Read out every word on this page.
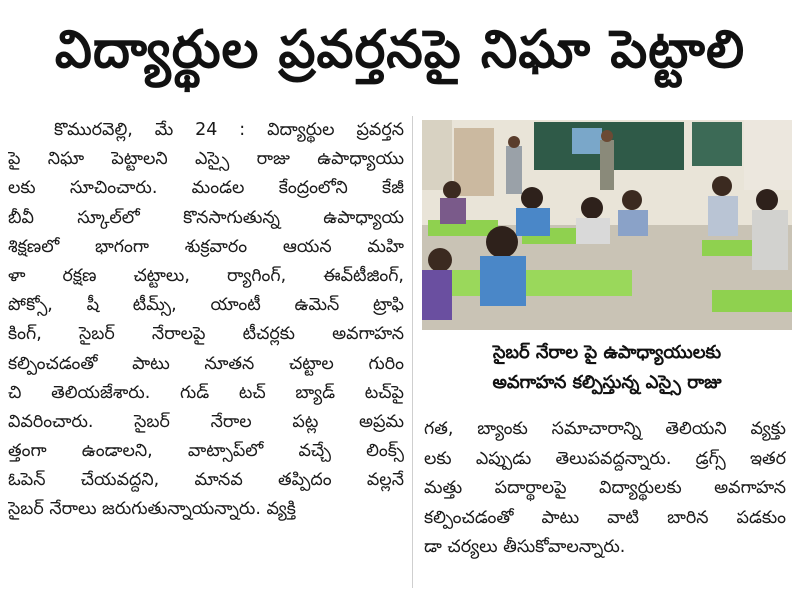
విద్యార్థుల ప్రవర్తనపై నిఘా పెట్టాలి
కొమురవెల్లి, మే 24 : విద్యార్థుల ప్రవర్తన
పై నిఘా పెట్టాలని ఎస్సై రాజు ఉపాధ్యాయు
లకు సూచించారు. మండల కేంద్రంలోని కేజీ
బీవీ స్కూల్‌లో కొనసాగుతున్న ఉపాధ్యాయ
శిక్షణలో భాగంగా శుక్రవారం ఆయన మహి
ళా రక్షణ చట్టాలు, ర్యాగింగ్, ఈవ్‌టీజింగ్,
పోక్సో, షీ టీమ్స్, యాంటీ ఉమెన్ ట్రాఫి
కింగ్, సైబర్ నేరాలపై టీచర్లకు అవగాహన
కల్పించడంతో పాటు నూతన చట్టాల గురిం
చి తెలియజేశారు. గుడ్ టచ్ బ్యాడ్ టచ్‌పై
వివరించారు. సైబర్ నేరాల పట్ల అప్రమ
త్తంగా ఉండాలని, వాట్సాప్‌లో వచ్చే లింక్స్
ఓపెన్ చేయవద్దని, మానవ తప్పిదం వల్లనే
సైబర్ నేరాలు జరుగుతున్నాయన్నారు. వ్యక్తి
సైబర్ నేరాల పై ఉపాధ్యాయులకు
అవగాహన కల్పిస్తున్న ఎస్సై రాజు
గత, బ్యాంకు సమాచారాన్ని తెలియని వ్యక్తు
లకు ఎప్పుడు తెలుపవద్దన్నారు. డ్రగ్స్ ఇతర
మత్తు పదార్థాలపై విద్యార్థులకు అవగాహన
కల్పించడంతో పాటు వాటి బారిన పడకుం
డా చర్యలు తీసుకోవాలన్నారు.
